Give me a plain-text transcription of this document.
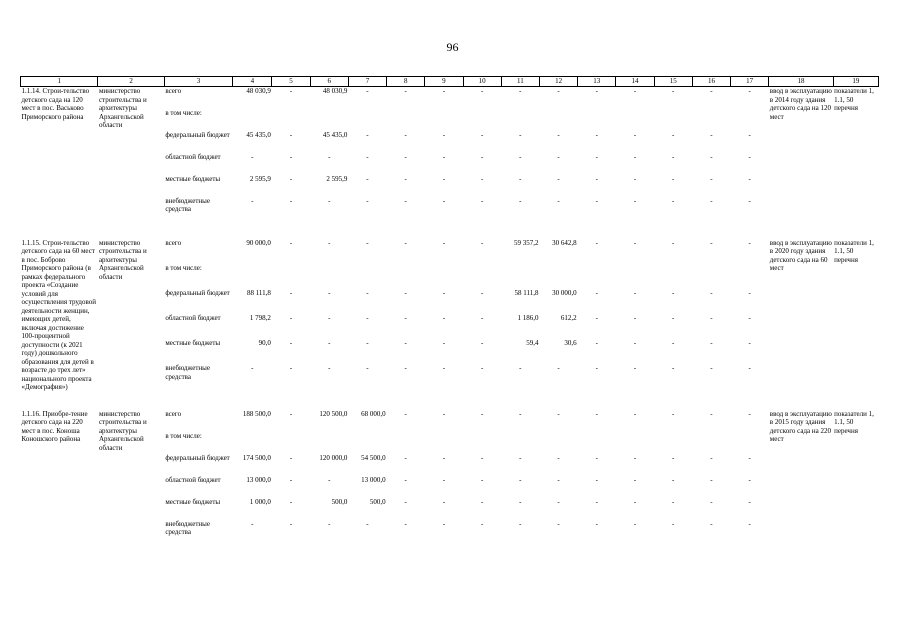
96
1	2	3	4	5	6	7	8	9	10	11	12	13	14	15	16	17	18	19
1.1.14. Строи-тельство детского сада на 120 мест в пос. Васьково Приморского района	министерство строительства и архитектуры Архангельской области	всего	48 030,9	-	48 030,9	-	-	-	-	-	-	-	-	-	-	-	ввод в эксплуатацию в 2014 году здания детского сада на 120 мест	показатели 1, 1.1, 50 перечня
		в том числе:																
		федеральный бюджет	45 435,0	-	45 435,0	-	-	-	-	-	-	-	-	-	-	-		
		областной бюджет	-	-	-	-	-	-	-	-	-	-	-	-	-	-		
		местные бюджеты	2 595,9	-	2 595,9	-	-	-	-	-	-	-	-	-	-	-		
		внебюджетные средства	-	-	-	-	-	-	-	-	-	-	-	-	-	-		

1.1.15. Строи-тельство детского сада на 60 мест в пос. Боброво Приморского района (в рамках федерального проекта «Создание условий для осуществления трудовой деятельности женщин, имеющих детей, включая достижение 100-процентной доступности (к 2021 году) дошкольного образования для детей в возрасте до трех лет» национального проекта «Демография»)	министерство строительства и архитектуры Архангельской области	всего	90 000,0	-	-	-	-	-	-	59 357,2	30 642,8	-	-	-	-	-	ввод в эксплуатацию в 2020 году здания детского сада на 60 мест	показатели 1, 1.1, 50 перечня
		в том числе:																
		федеральный бюджет	88 111,8	-	-	-	-	-	-	58 111,8	30 000,0	-	-	-	-	-		
		областной бюджет	1 798,2	-	-	-	-	-	-	1 186,0	612,2	-	-	-	-	-		
		местные бюджеты	90,0	-	-	-	-	-	-	59,4	30,6	-	-	-	-	-		
		внебюджетные средства	-	-	-	-	-	-	-	-	-	-	-	-	-	-		

1.1.16. Приобре-тение детского сада на 220 мест в пос. Коноша Коношского района	министерство строительства и архитектуры Архангельской области	всего	188 500,0	-	120 500,0	68 000,0	-	-	-	-	-	-	-	-	-	-	ввод в эксплуатацию в 2015 году здания детского сада на 220 мест	показатели 1, 1.1, 50 перечня
		в том числе:																
		федеральный бюджет	174 500,0	-	120 000,0	54 500,0	-	-	-	-	-	-	-	-	-	-		
		областной бюджет	13 000,0	-	-	13 000,0	-	-	-	-	-	-	-	-	-	-		
		местные бюджеты	1 000,0	-	500,0	500,0	-	-	-	-	-	-	-	-	-	-		
		внебюджетные средства	-	-	-	-	-	-	-	-	-	-	-	-	-	-		
